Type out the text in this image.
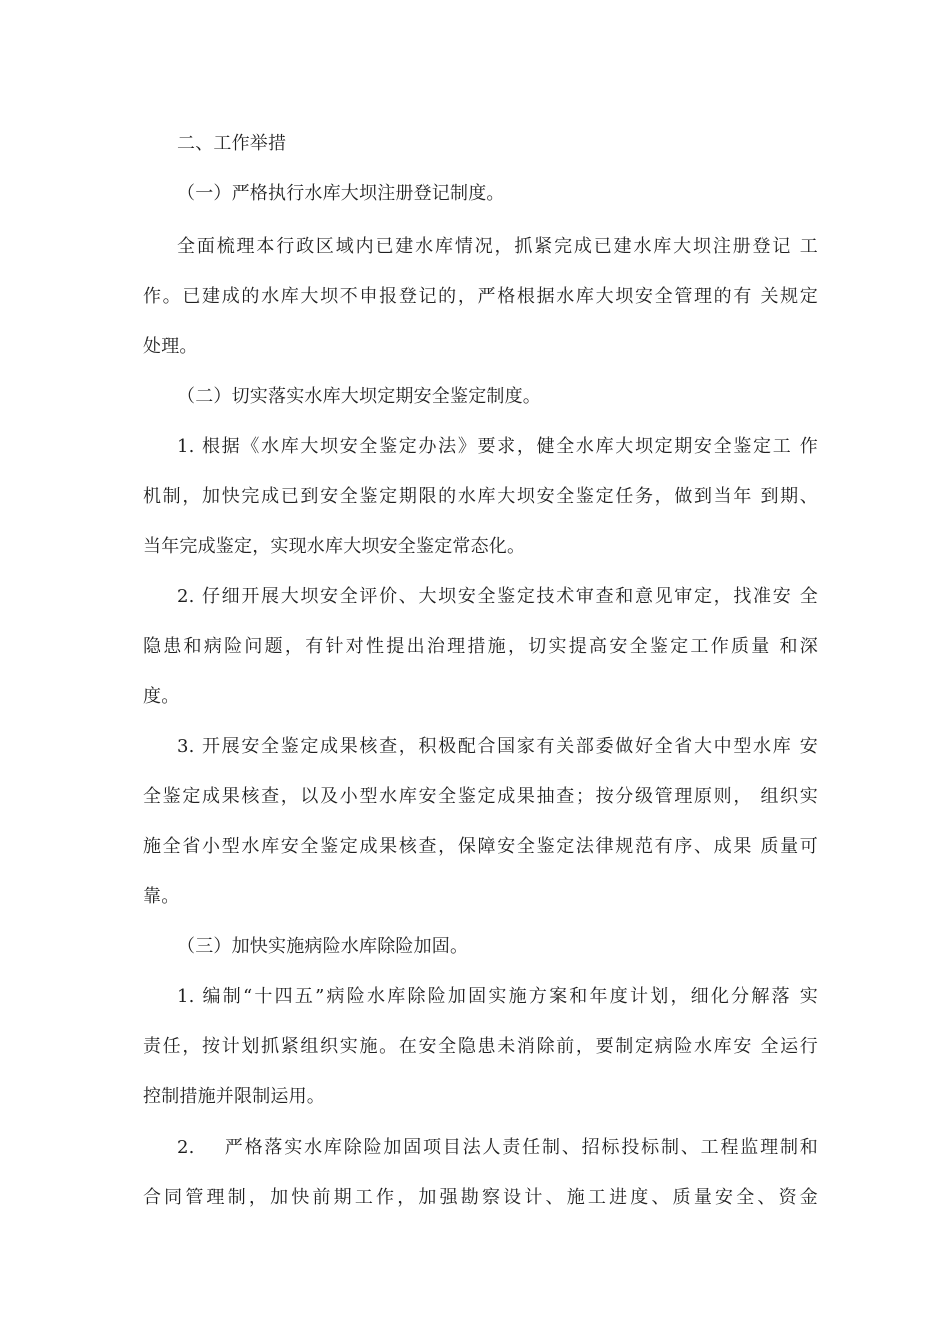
二、工作举措
（一）严格执行水库大坝注册登记制度。
全面梳理本行政区域内已建水库情况，抓紧完成已建水库大坝注册登记 工
作。已建成的水库大坝不申报登记的，严格根据水库大坝安全管理的有 关规定
处理。
（二）切实落实水库大坝定期安全鉴定制度。
1. 根据《水库大坝安全鉴定办法》要求，健全水库大坝定期安全鉴定工 作
机制，加快完成已到安全鉴定期限的水库大坝安全鉴定任务，做到当年 到期、
当年完成鉴定，实现水库大坝安全鉴定常态化。
2. 仔细开展大坝安全评价、大坝安全鉴定技术审查和意见审定，找准安 全
隐患和病险问题，有针对性提出治理措施，切实提高安全鉴定工作质量 和深
度。
3. 开展安全鉴定成果核查，积极配合国家有关部委做好全省大中型水库 安
全鉴定成果核查，以及小型水库安全鉴定成果抽查；按分级管理原则， 组织实
施全省小型水库安全鉴定成果核查，保障安全鉴定法律规范有序、成果 质量可
靠。
（三）加快实施病险水库除险加固。
1. 编制“十四五”病险水库除险加固实施方案和年度计划，细化分解落 实
责任，按计划抓紧组织实施。在安全隐患未消除前，要制定病险水库安 全运行
控制措施并限制运用。
2.    严格落实水库除险加固项目法人责任制、招标投标制、工程监理制和
合同管理制，加快前期工作，加强勘察设计、施工进度、质量安全、资金
